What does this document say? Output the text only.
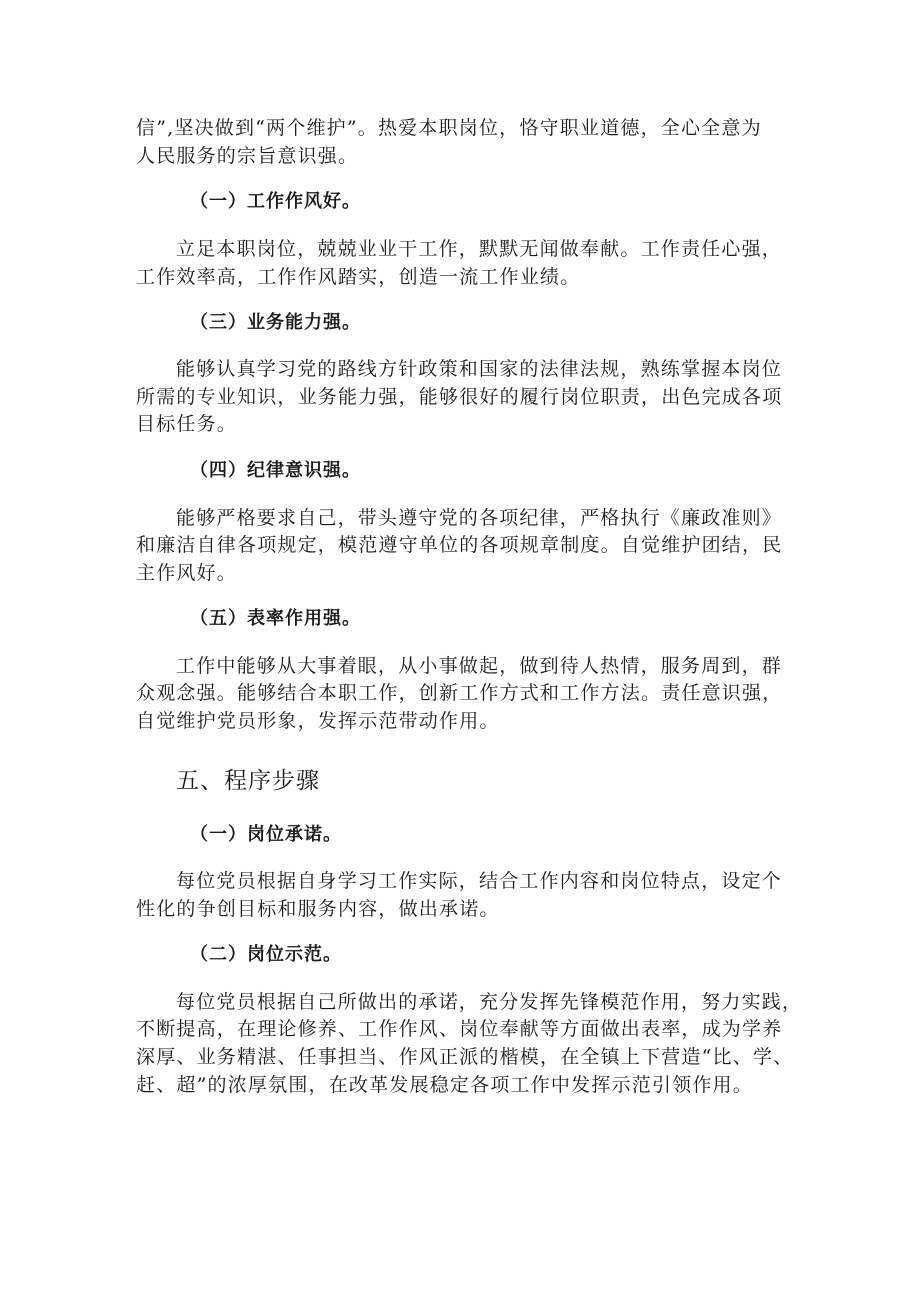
信”,坚决做到“两个维护”。热爱本职岗位，恪守职业道德，全心全意为
人民服务的宗旨意识强。
（一）工作作风好。
立足本职岗位，兢兢业业干工作，默默无闻做奉献。工作责任心强，
工作效率高，工作作风踏实，创造一流工作业绩。
（三）业务能力强。
能够认真学习党的路线方针政策和国家的法律法规，熟练掌握本岗位
所需的专业知识，业务能力强，能够很好的履行岗位职责，出色完成各项
目标任务。
（四）纪律意识强。
能够严格要求自己，带头遵守党的各项纪律，严格执行《廉政准则》
和廉洁自律各项规定，模范遵守单位的各项规章制度。自觉维护团结，民
主作风好。
（五）表率作用强。
工作中能够从大事着眼，从小事做起，做到待人热情，服务周到，群
众观念强。能够结合本职工作，创新工作方式和工作方法。责任意识强，
自觉维护党员形象，发挥示范带动作用。
五、程序步骤
（一）岗位承诺。
每位党员根据自身学习工作实际，结合工作内容和岗位特点，设定个
性化的争创目标和服务内容，做出承诺。
（二）岗位示范。
每位党员根据自己所做出的承诺，充分发挥先锋模范作用，努力实践，
不断提高，在理论修养、工作作风、岗位奉献等方面做出表率，成为学养
深厚、业务精湛、任事担当、作风正派的楷模，在全镇上下营造“比、学、
赶、超”的浓厚氛围，在改革发展稳定各项工作中发挥示范引领作用。
